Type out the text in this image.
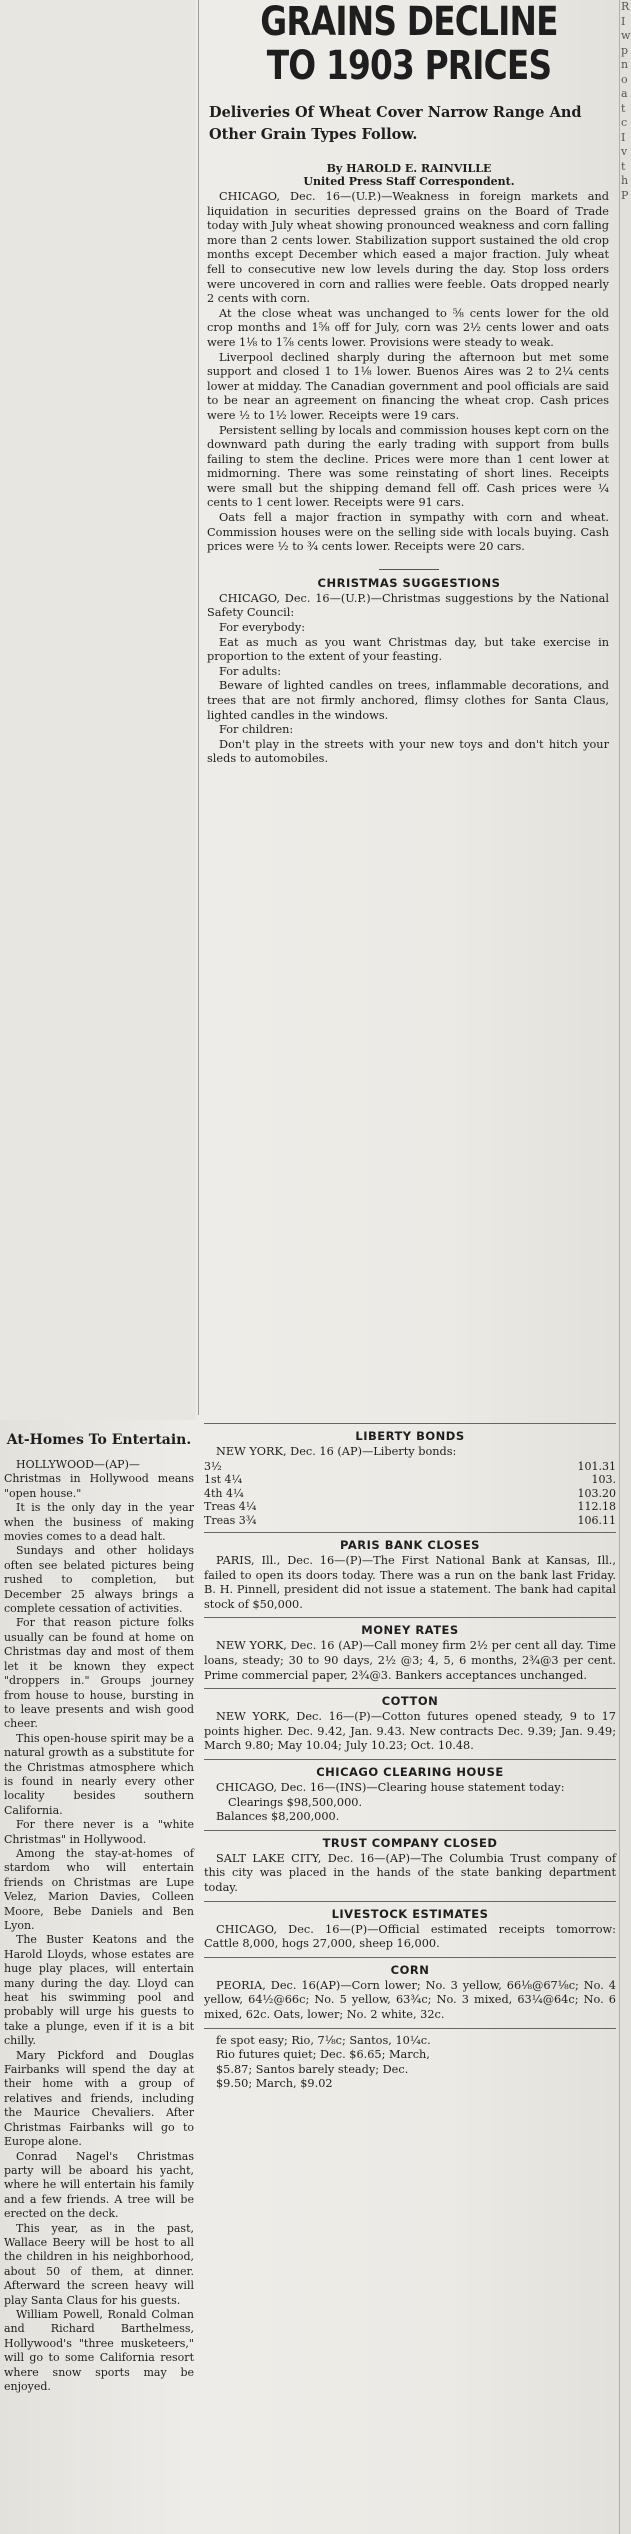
GRAINS DECLINE
TO 1903 PRICES
Deliveries Of Wheat Cover Narrow Range And Other Grain Types Follow.
By HAROLD E. RAINVILLE
United Press Staff Correspondent.

CHICAGO, Dec. 16—(U.P.)—Weakness in foreign markets and liquidation in securities depressed grains on the Board of Trade today with July wheat showing pronounced weakness and corn falling more than 2 cents lower. Stabilization support sustained the old crop months except December which eased a major fraction. July wheat fell to consecutive new low levels during the day. Stop loss orders were uncovered in corn and rallies were feeble. Oats dropped nearly 2 cents with corn.

At the close wheat was unchanged to ⅝ cents lower for the old crop months and 1⅝ off for July, corn was 2½ cents lower and oats were 1⅛ to 1⅞ cents lower. Provisions were steady to weak.

Liverpool declined sharply during the afternoon but met some support and closed 1 to 1⅛ lower. Buenos Aires was 2 to 2¼ cents lower at midday. The Canadian government and pool officials are said to be near an agreement on financing the wheat crop. Cash prices were ½ to 1½ lower. Receipts were 19 cars.

Persistent selling by locals and commission houses kept corn on the downward path during the early trading with support from bulls failing to stem the decline. Prices were more than 1 cent lower at midmorning. There was some reinstating of short lines. Receipts were small but the shipping demand fell off. Cash prices were ¼ cents to 1 cent lower. Receipts were 91 cars.

Oats fell a major fraction in sympathy with corn and wheat. Commission houses were on the selling side with locals buying. Cash prices were ½ to ¾ cents lower. Receipts were 20 cars.

CHRISTMAS SUGGESTIONS

CHICAGO, Dec. 16—(U.P.)—Christmas suggestions by the National Safety Council:

For everybody:

Eat as much as you want Christmas day, but take exercise in proportion to the extent of your feasting.

For adults:

Beware of lighted candles on trees, inflammable decorations, and trees that are not firmly anchored, flimsy clothes for Santa Claus, lighted candles in the windows.

For children:

Don't play in the streets with your new toys and don't hitch your sleds to automobiles.

LIBERTY BONDS

NEW YORK, Dec. 16 (AP)—Liberty bonds:

3½	101.31
1st 4¼	103.
4th 4¼	103.20
Treas 4¼	112.18
Treas 3¾	106.11
PARIS BANK CLOSES

PARIS, Ill., Dec. 16—(P)—The First National Bank at Kansas, Ill., failed to open its doors today. There was a run on the bank last Friday. B. H. Pinnell, president did not issue a statement. The bank had capital stock of $50,000.

MONEY RATES

NEW YORK, Dec. 16 (AP)—Call money firm 2½ per cent all day. Time loans, steady; 30 to 90 days, 2½ @3; 4, 5, 6 months, 2¾@3 per cent. Prime commercial paper, 2¾@3. Bankers acceptances unchanged.

COTTON

NEW YORK, Dec. 16—(P)—Cotton futures opened steady, 9 to 17 points higher. Dec. 9.42, Jan. 9.43. New contracts Dec. 9.39; Jan. 9.49; March 9.80; May 10.04; July 10.23; Oct. 10.48.

CHICAGO CLEARING HOUSE

CHICAGO, Dec. 16—(INS)—Clearing house statement today:

Clearings $98,500,000.

Balances $8,200,000.

TRUST COMPANY CLOSED

SALT LAKE CITY, Dec. 16—(AP)—The Columbia Trust company of this city was placed in the hands of the state banking department today.

LIVESTOCK ESTIMATES

CHICAGO, Dec. 16—(P)—Official estimated receipts tomorrow: Cattle 8,000, hogs 27,000, sheep 16,000.

CORN

PEORIA, Dec. 16(AP)—Corn lower; No. 3 yellow, 66⅛@67⅛c; No. 4 yellow, 64½@66c; No. 5 yellow, 63¾c; No. 3 mixed, 63¼@64c; No. 6 mixed, 62c. Oats, lower; No. 2 white, 32c.

fe spot easy; Rio, 7⅛c; Santos, 10¼c.

Rio futures quiet; Dec. $6.65; March,

$5.87; Santos barely steady; Dec.

$9.50; March, $9.02

At-Homes To Entertain.

HOLLYWOOD—(AP)—Christmas in Hollywood means "open house."

It is the only day in the year when the business of making movies comes to a dead halt.

Sundays and other holidays often see belated pictures being rushed to completion, but December 25 always brings a complete cessation of activities.

For that reason picture folks usually can be found at home on Christmas day and most of them let it be known they expect "droppers in." Groups journey from house to house, bursting in to leave presents and wish good cheer.

This open-house spirit may be a natural growth as a substitute for the Christmas atmosphere which is found in nearly every other locality besides southern California.

For there never is a "white Christmas" in Hollywood.

Among the stay-at-homes of stardom who will entertain friends on Christmas are Lupe Velez, Marion Davies, Colleen Moore, Bebe Daniels and Ben Lyon.

The Buster Keatons and the Harold Lloyds, whose estates are huge play places, will entertain many during the day. Lloyd can heat his swimming pool and probably will urge his guests to take a plunge, even if it is a bit chilly.

Mary Pickford and Douglas Fairbanks will spend the day at their home with a group of relatives and friends, including the Maurice Chevaliers. After Christmas Fairbanks will go to Europe alone.

Conrad Nagel's Christmas party will be aboard his yacht, where he will entertain his family and a few friends. A tree will be erected on the deck.

This year, as in the past, Wallace Beery will be host to all the children in his neighborhood, about 50 of them, at dinner. Afterward the screen heavy will play Santa Claus for his guests.

William Powell, Ronald Colman and Richard Barthelmess, Hollywood's "three musketeers," will go to some California resort where snow sports may be enjoyed.

R
I
w
p
n
o
a
t
c
I
v
t
h
P
